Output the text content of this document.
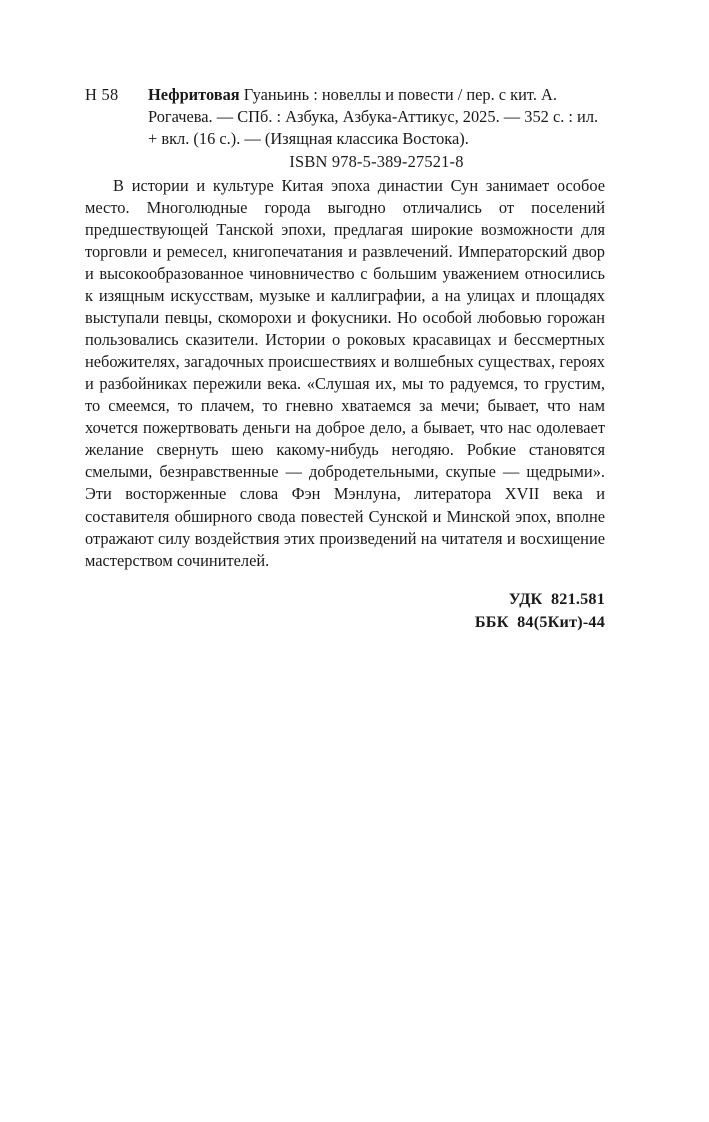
Н 58	Нефритовая Гуаньинь : новеллы и повести / пер. с кит. А. Рогачева. — СПб. : Азбука, Азбука-Аттикус, 2025. — 352 с. : ил. + вкл. (16 с.). — (Изящная классика Востока).
ISBN 978-5-389-27521-8
В истории и культуре Китая эпоха династии Сун занимает особое место. Многолюдные города выгодно отличались от поселений предшествующей Танской эпохи, предлагая широкие возможности для торговли и ремесел, книгопечатания и развлечений. Императорский двор и высокообразованное чиновничество с большим уважением относились к изящным искусствам, музыке и каллиграфии, а на улицах и площадях выступали певцы, скоморохи и фокусники. Но особой любовью горожан пользовались сказители. Истории о роковых красавицах и бессмертных небожителях, загадочных происшествиях и волшебных существах, героях и разбойниках пережили века. «Слушая их, мы то радуемся, то грустим, то смеемся, то плачем, то гневно хватаемся за мечи; бывает, что нам хочется пожертвовать деньги на доброе дело, а бывает, что нас одолевает желание свернуть шею какому-нибудь негодяю. Робкие становятся смелыми, безнравственные — добродетельными, скупые — щедрыми». Эти восторженные слова Фэн Мэнлуна, литератора XVII века и составителя обширного свода повестей Сунской и Минской эпох, вполне отражают силу воздействия этих произведений на читателя и восхищение мастерством сочинителей.
УДК  821.581
ББК  84(5Кит)-44
